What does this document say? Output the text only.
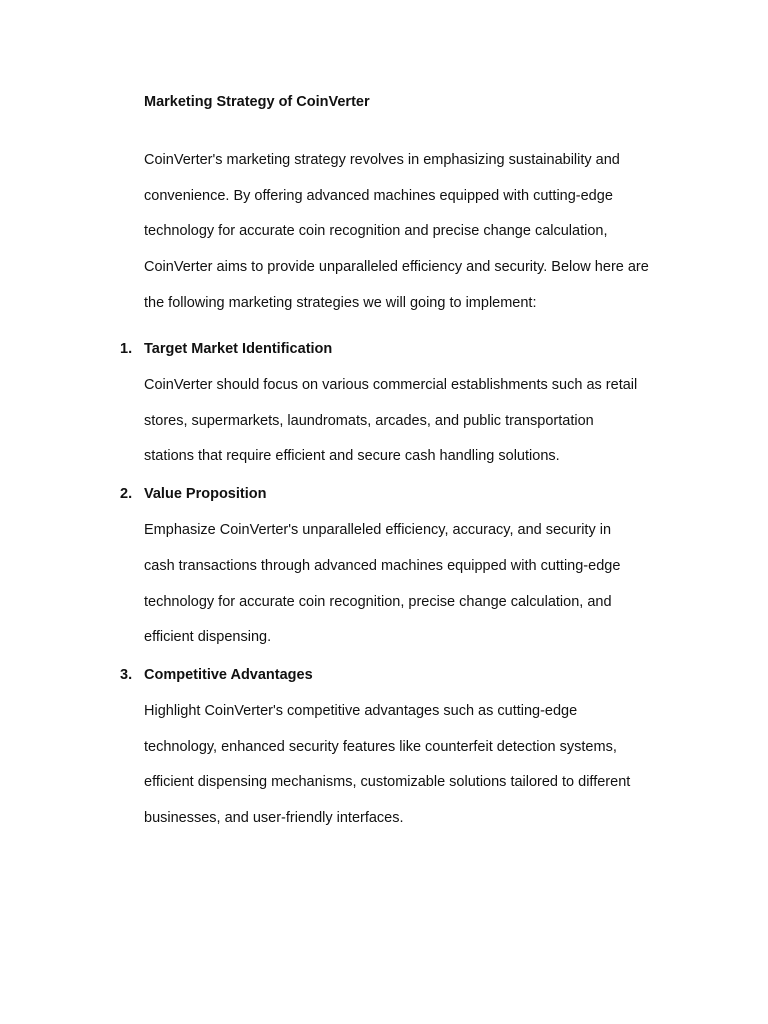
Marketing Strategy of CoinVerter

CoinVerter's marketing strategy revolves in emphasizing sustainability and convenience. By offering advanced machines equipped with cutting-edge technology for accurate coin recognition and precise change calculation, CoinVerter aims to provide unparalleled efficiency and security. Below here are the following marketing strategies we will going to implement:

1. Target Market Identification
CoinVerter should focus on various commercial establishments such as retail stores, supermarkets, laundromats, arcades, and public transportation stations that require efficient and secure cash handling solutions.
2. Value Proposition
Emphasize CoinVerter's unparalleled efficiency, accuracy, and security in cash transactions through advanced machines equipped with cutting-edge technology for accurate coin recognition, precise change calculation, and efficient dispensing.
3. Competitive Advantages
Highlight CoinVerter's competitive advantages such as cutting-edge technology, enhanced security features like counterfeit detection systems, efficient dispensing mechanisms, customizable solutions tailored to different businesses, and user-friendly interfaces.
